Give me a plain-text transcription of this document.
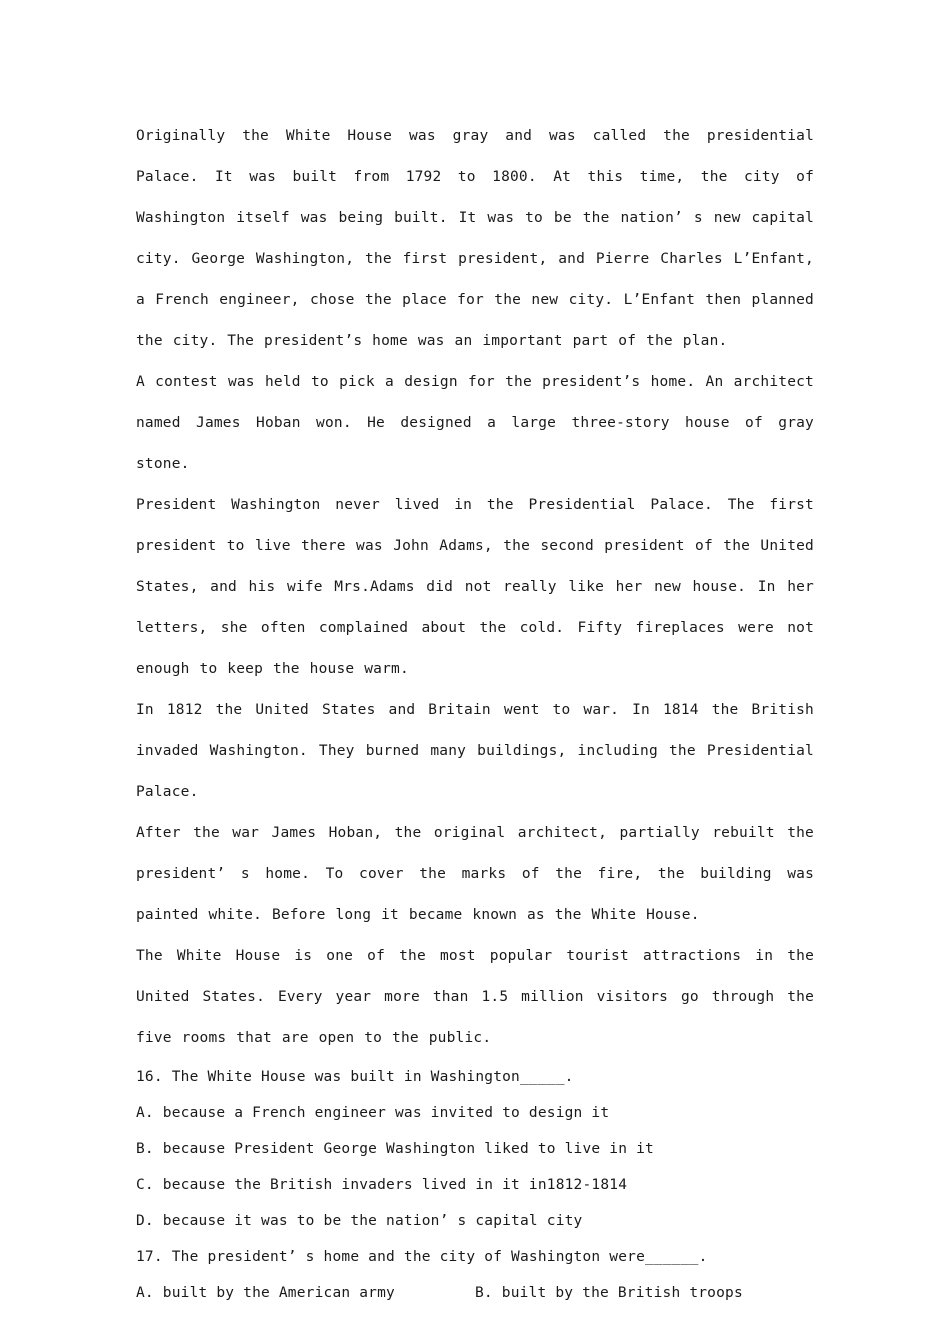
Originally the White House was gray and was called the presidential Palace. It was built from 1792 to 1800. At this time, the city of Washington itself was being built. It was to be the nation’ s new capital city. George Washington, the first president, and Pierre Charles L’Enfant, a French engineer, chose the place for the new city. L’Enfant then planned the city. The president’s home was an important part of the plan.

A contest was held to pick a design for the president’s home. An architect named James Hoban won. He designed a large three-story house of gray stone.

President Washington never lived in the Presidential Palace. The first president to live there was John Adams, the second president of the United States, and his wife Mrs.Adams did not really like her new house. In her letters, she often complained about the cold. Fifty fireplaces were not enough to keep the house warm.

In 1812 the United States and Britain went to war. In 1814 the British invaded Washington. They burned many buildings, including the Presidential Palace.

After the war James Hoban, the original architect, partially rebuilt the president’ s home. To cover the marks of the fire, the building was painted white. Before long it became known as the White House.

The White House is one of the most popular tourist attractions in the United States. Every year more than 1.5 million visitors go through the five rooms that are open to the public.

16. The White House was built in Washington_____.

A. because a French engineer was invited to design it

B. because President George Washington liked to live in it

C. because the British invaders lived in it in1812-1814

D. because it was to be the nation’ s capital city

17. The president’ s home and the city of Washington were______.

A. built by the American army	B. built by the British troops
